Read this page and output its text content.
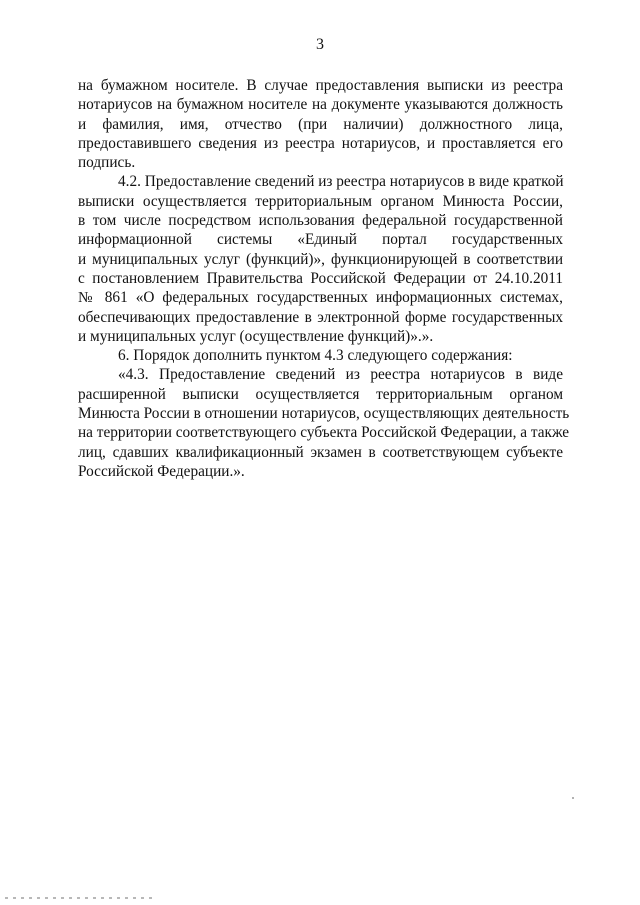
3
на бумажном носителе. В случае предоставления выписки из реестра
нотариусов на бумажном носителе на документе указываются должность
и фамилия, имя, отчество (при наличии) должностного лица,
предоставившего сведения из реестра нотариусов, и проставляется его
подпись.
4.2. Предоставление сведений из реестра нотариусов в виде краткой
выписки осуществляется территориальным органом Минюста России,
в том числе посредством использования федеральной государственной
информационной системы «Единый портал государственных
и муниципальных услуг (функций)», функционирующей в соответствии
с постановлением Правительства Российской Федерации от 24.10.2011
№ 861 «О федеральных государственных информационных системах,
обеспечивающих предоставление в электронной форме государственных
и муниципальных услуг (осуществление функций)».».
6. Порядок дополнить пунктом 4.3 следующего содержания:
«4.3. Предоставление сведений из реестра нотариусов в виде
расширенной выписки осуществляется территориальным органом
Минюста России в отношении нотариусов, осуществляющих деятельность
на территории соответствующего субъекта Российской Федерации, а также
лиц, сдавших квалификационный экзамен в соответствующем субъекте
Российской Федерации.».
